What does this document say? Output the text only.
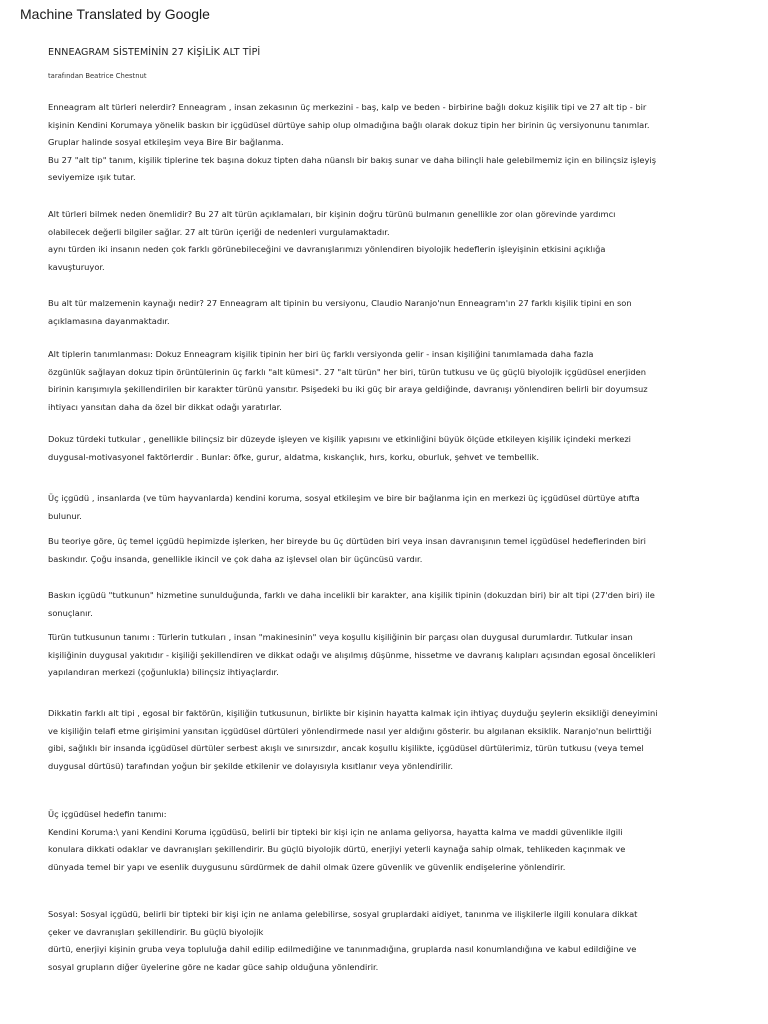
Machine Translated by Google
ENNEAGRAM SİSTEMİNİN 27 KİŞİLİK ALT TİPİ
tarafından Beatrice Chestnut
Enneagram alt türleri nelerdir? Enneagram , insan zekasının üç merkezini - baş, kalp ve beden - birbirine bağlı dokuz kişilik tipi ve 27 alt tip - bir
kişinin Kendini Korumaya yönelik baskın bir içgüdüsel dürtüye sahip olup olmadığına bağlı olarak dokuz tipin her birinin üç versiyonunu tanımlar.
Gruplar halinde sosyal etkileşim veya Bire Bir bağlanma.
Bu 27 "alt tip" tanım, kişilik tiplerine tek başına dokuz tipten daha nüanslı bir bakış sunar ve daha bilinçli hale gelebilmemiz için en bilinçsiz işleyiş
seviyemize ışık tutar.
Alt türleri bilmek neden önemlidir? Bu 27 alt türün açıklamaları, bir kişinin doğru türünü bulmanın genellikle zor olan görevinde yardımcı
olabilecek değerli bilgiler sağlar. 27 alt türün içeriği de nedenleri vurgulamaktadır.
aynı türden iki insanın neden çok farklı görünebileceğini ve davranışlarımızı yönlendiren biyolojik hedeflerin işleyişinin etkisini açıklığa
kavuşturuyor.
Bu alt tür malzemenin kaynağı nedir? 27 Enneagram alt tipinin bu versiyonu, Claudio Naranjo'nun Enneagram'ın 27 farklı kişilik tipini en son
açıklamasına dayanmaktadır.
Alt tiplerin tanımlanması: Dokuz Enneagram kişilik tipinin her biri üç farklı versiyonda gelir - insan kişiliğini tanımlamada daha fazla
özgünlük sağlayan dokuz tipin örüntülerinin üç farklı "alt kümesi". 27 "alt türün" her biri, türün tutkusu ve üç güçlü biyolojik içgüdüsel enerjiden
birinin karışımıyla şekillendirilen bir karakter türünü yansıtır. Psişedeki bu iki güç bir araya geldiğinde, davranışı yönlendiren belirli bir doyumsuz
ihtiyacı yansıtan daha da özel bir dikkat odağı yaratırlar.
Dokuz türdeki tutkular , genellikle bilinçsiz bir düzeyde işleyen ve kişilik yapısını ve etkinliğini büyük ölçüde etkileyen kişilik içindeki merkezi
duygusal-motivasyonel faktörlerdir . Bunlar: öfke, gurur, aldatma, kıskançlık, hırs, korku, oburluk, şehvet ve tembellik.
Üç içgüdü , insanlarda (ve tüm hayvanlarda) kendini koruma, sosyal etkileşim ve bire bir bağlanma için en merkezi üç içgüdüsel dürtüye atıfta
bulunur.
Bu teoriye göre, üç temel içgüdü hepimizde işlerken, her bireyde bu üç dürtüden biri veya insan davranışının temel içgüdüsel hedeflerinden biri
baskındır. Çoğu insanda, genellikle ikincil ve çok daha az işlevsel olan bir üçüncüsü vardır.
Baskın içgüdü "tutkunun" hizmetine sunulduğunda, farklı ve daha incelikli bir karakter, ana kişilik tipinin (dokuzdan biri) bir alt tipi (27'den biri) ile
sonuçlanır.
Türün tutkusunun tanımı : Türlerin tutkuları , insan "makinesinin" veya koşullu kişiliğinin bir parçası olan duygusal durumlardır. Tutkular insan
kişiliğinin duygusal yakıtıdır - kişiliği şekillendiren ve dikkat odağı ve alışılmış düşünme, hissetme ve davranış kalıpları açısından egosal öncelikleri
yapılandıran merkezi (çoğunlukla) bilinçsiz ihtiyaçlardır.
Dikkatin farklı alt tipi , egosal bir faktörün, kişiliğin tutkusunun, birlikte bir kişinin hayatta kalmak için ihtiyaç duyduğu şeylerin eksikliği deneyimini
ve kişiliğin telafi etme girişimini yansıtan içgüdüsel dürtüleri yönlendirmede nasıl yer aldığını gösterir. bu algılanan eksiklik. Naranjo'nun belirttiği
gibi, sağlıklı bir insanda içgüdüsel dürtüler serbest akışlı ve sınırsızdır, ancak koşullu kişilikte, içgüdüsel dürtülerimiz, türün tutkusu (veya temel
duygusal dürtüsü) tarafından yoğun bir şekilde etkilenir ve dolayısıyla kısıtlanır veya yönlendirilir.
Üç içgüdüsel hedefin tanımı:
Kendini Koruma:\ yani Kendini Koruma içgüdüsü, belirli bir tipteki bir kişi için ne anlama geliyorsa, hayatta kalma ve maddi güvenlikle ilgili
konulara dikkati odaklar ve davranışları şekillendirir. Bu güçlü biyolojik dürtü, enerjiyi yeterli kaynağa sahip olmak, tehlikeden kaçınmak ve
dünyada temel bir yapı ve esenlik duygusunu sürdürmek de dahil olmak üzere güvenlik ve güvenlik endişelerine yönlendirir.
Sosyal: Sosyal içgüdü, belirli bir tipteki bir kişi için ne anlama gelebilirse, sosyal gruplardaki aidiyet, tanınma ve ilişkilerle ilgili konulara dikkat
çeker ve davranışları şekillendirir. Bu güçlü biyolojik
dürtü, enerjiyi kişinin gruba veya topluluğa dahil edilip edilmediğine ve tanınmadığına, gruplarda nasıl konumlandığına ve kabul edildiğine ve
sosyal grupların diğer üyelerine göre ne kadar güce sahip olduğuna yönlendirir.
